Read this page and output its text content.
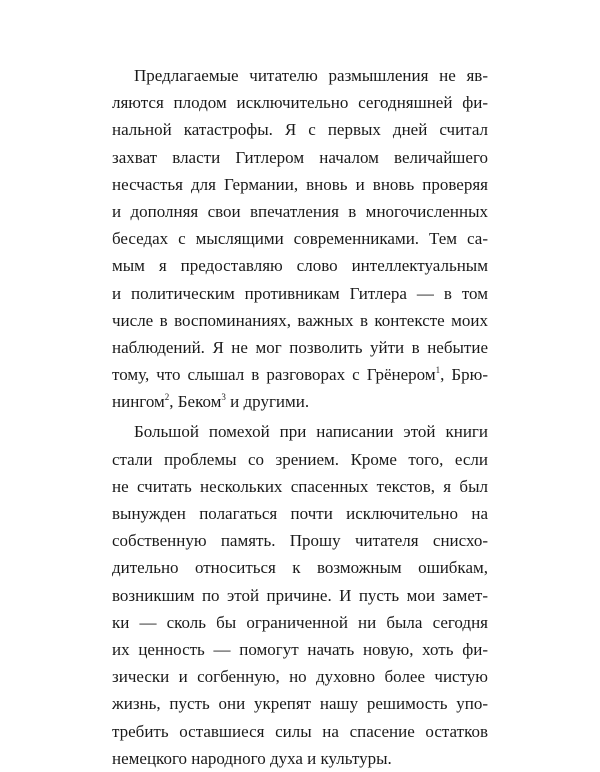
Предлагаемые читателю размышления не яв-
ляются плодом исключительно сегодняшней фи-
нальной катастрофы. Я с первых дней считал
захват власти Гитлером началом величайшего
несчастья для Германии, вновь и вновь проверяя
и дополняя свои впечатления в многочисленных
беседах с мыслящими современниками. Тем са-
мым я предоставляю слово интеллектуальным
и политическим противникам Гитлера — в том
числе в воспоминаниях, важных в контексте моих
наблюдений. Я не мог позволить уйти в небытие
тому, что слышал в разговорах с Грёнером$^1$, Брю-
нингом$^2$, Беком$^3$ и другими.
Большой помехой при написании этой книги
стали проблемы со зрением. Кроме того, если
не считать нескольких спасенных текстов, я был
вынужден полагаться почти исключительно на
собственную память. Прошу читателя снисхо-
дительно относиться к возможным ошибкам,
возникшим по этой причине. И пусть мои замет-
ки — сколь бы ограниченной ни была сегодня
их ценность — помогут начать новую, хоть фи-
зически и согбенную, но духовно более чистую
жизнь, пусть они укрепят нашу решимость упо-
требить оставшиеся силы на спасение остатков
немецкого народного духа и культуры.
